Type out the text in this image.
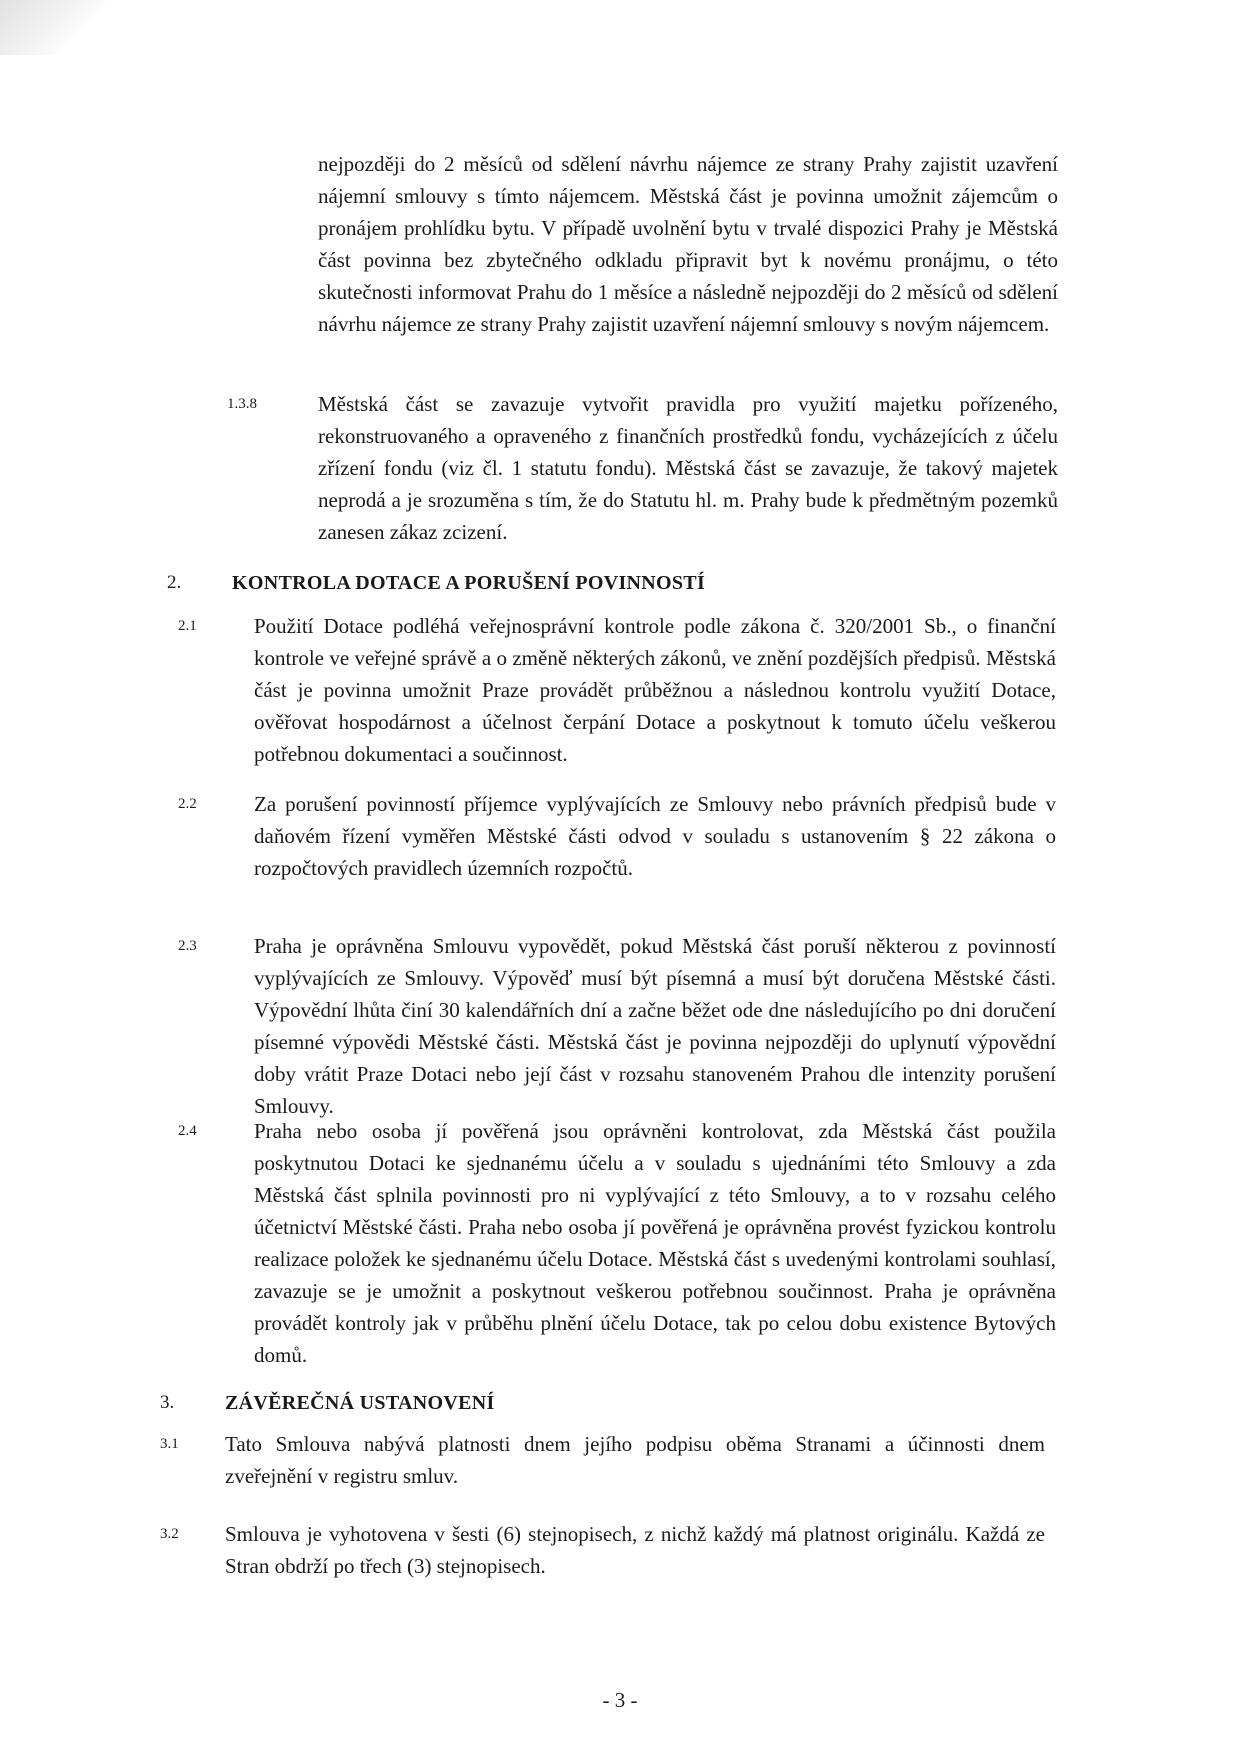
nejpozději do 2 měsíců od sdělení návrhu nájemce ze strany Prahy zajistit uzavření nájemní smlouvy s tímto nájemcem. Městská část je povinna umožnit zájemcům o pronájem prohlídku bytu. V případě uvolnění bytu v trvalé dispozici Prahy je Městská část povinna bez zbytečného odkladu připravit byt k novému pronájmu, o této skutečnosti informovat Prahu do 1 měsíce a následně nejpozději do 2 měsíců od sdělení návrhu nájemce ze strany Prahy zajistit uzavření nájemní smlouvy s novým nájemcem.
1.3.8	Městská část se zavazuje vytvořit pravidla pro využití majetku pořízeného, rekonstruovaného a opraveného z finančních prostředků fondu, vycházejících z účelu zřízení fondu (viz čl. 1 statutu fondu). Městská část se zavazuje, že takový majetek neprodá a je srozuměna s tím, že do Statutu hl. m. Prahy bude k předmětným pozemků zanesen zákaz zcizení.
2.	KONTROLA DOTACE A PORUŠENÍ POVINNOSTÍ
2.1	Použití Dotace podléhá veřejnosprávní kontrole podle zákona č. 320/2001 Sb., o finanční kontrole ve veřejné správě a o změně některých zákonů, ve znění pozdějších předpisů. Městská část je povinna umožnit Praze provádět průběžnou a následnou kontrolu využití Dotace, ověřovat hospodárnost a účelnost čerpání Dotace a poskytnout k tomuto účelu veškerou potřebnou dokumentaci a součinnost.
2.2	Za porušení povinností příjemce vyplývajících ze Smlouvy nebo právních předpisů bude v daňovém řízení vyměřen Městské části odvod v souladu s ustanovením § 22 zákona o rozpočtových pravidlech územních rozpočtů.
2.3	Praha je oprávněna Smlouvu vypovědět, pokud Městská část poruší některou z povinností vyplývajících ze Smlouvy. Výpověď musí být písemná a musí být doručena Městské části. Výpovědní lhůta činí 30 kalendářních dní a začne běžet ode dne následujícího po dni doručení písemné výpovědi Městské části. Městská část je povinna nejpozději do uplynutí výpovědní doby vrátit Praze Dotaci nebo její část v rozsahu stanoveném Prahou dle intenzity porušení Smlouvy.
2.4	Praha nebo osoba jí pověřená jsou oprávněni kontrolovat, zda Městská část použila poskytnutou Dotaci ke sjednanému účelu a v souladu s ujednáními této Smlouvy a zda Městská část splnila povinnosti pro ni vyplývající z této Smlouvy, a to v rozsahu celého účetnictví Městské části. Praha nebo osoba jí pověřená je oprávněna provést fyzickou kontrolu realizace položek ke sjednanému účelu Dotace. Městská část s uvedenými kontrolami souhlasí, zavazuje se je umožnit a poskytnout veškerou potřebnou součinnost. Praha je oprávněna provádět kontroly jak v průběhu plnění účelu Dotace, tak po celou dobu existence Bytových domů.
3.	ZÁVĚREČNÁ USTANOVENÍ
3.1 Tato Smlouva nabývá platnosti dnem jejího podpisu oběma Stranami a účinnosti dnem zveřejnění v registru smluv.
3.2 Smlouva je vyhotovena v šesti (6) stejnopisech, z nichž každý má platnost originálu. Každá ze Stran obdrží po třech (3) stejnopisech.
- 3 -
